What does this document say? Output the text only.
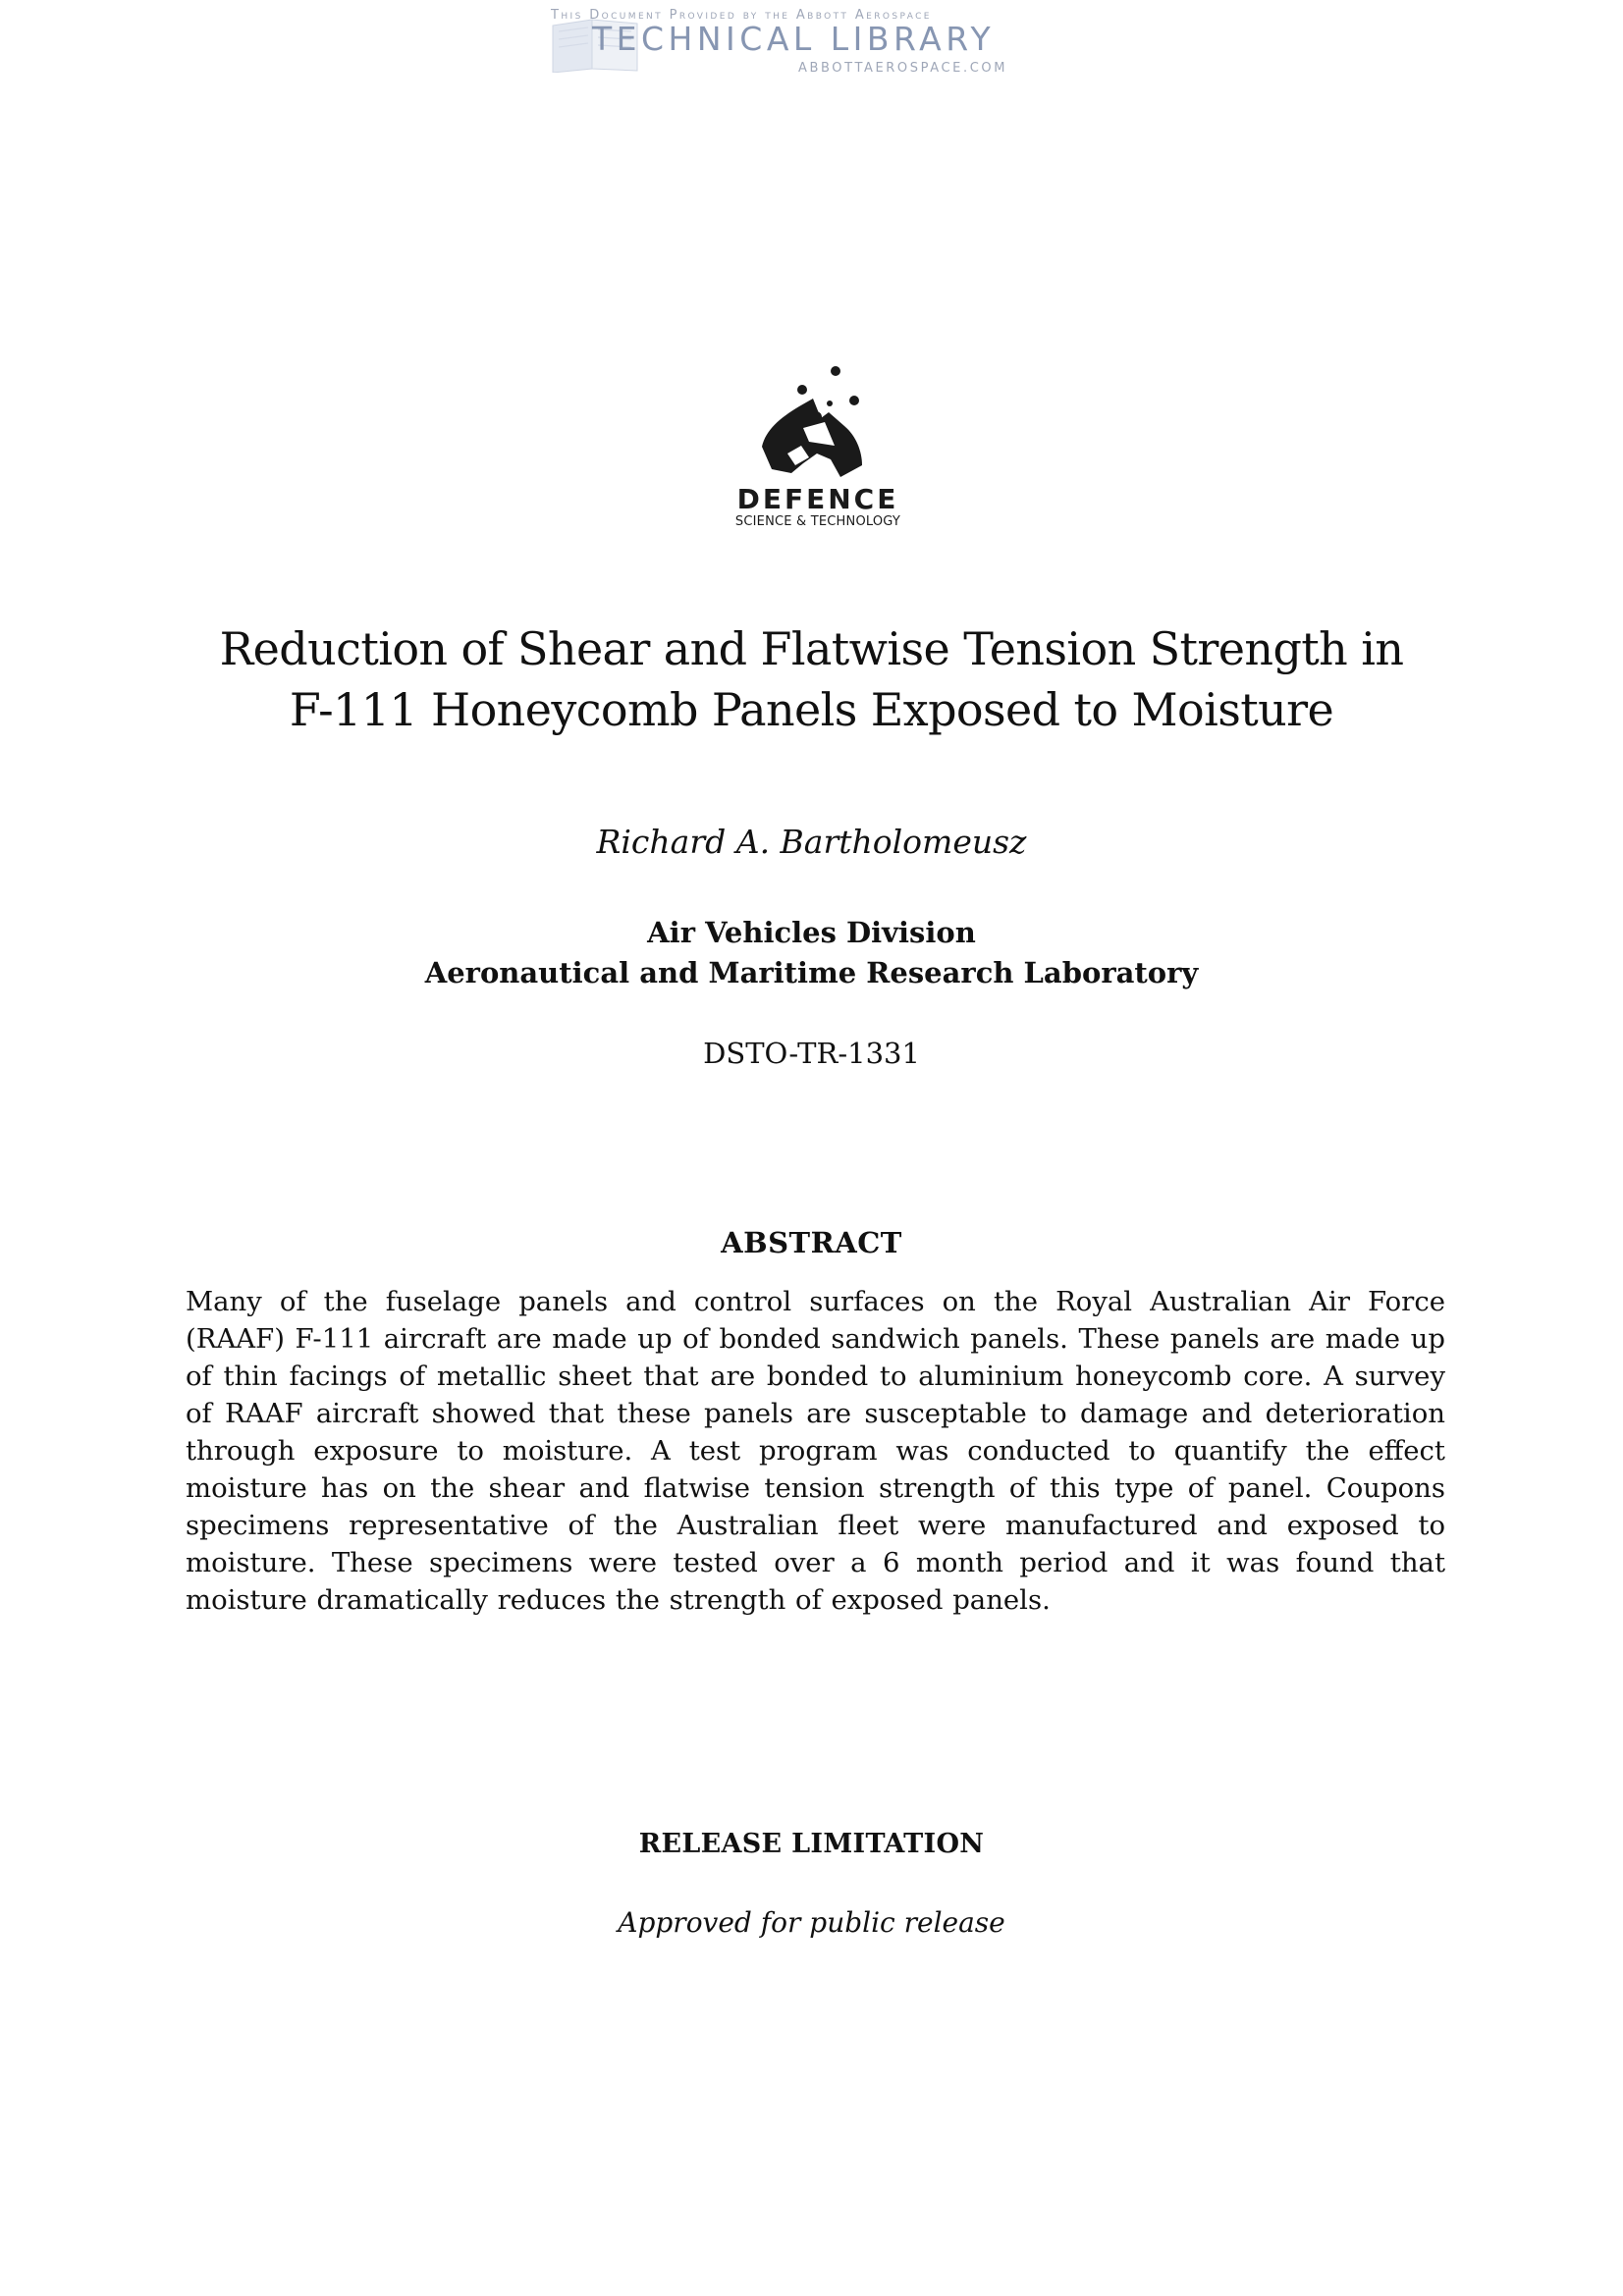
This Document Provided by the Abbott Aerospace
TECHNICAL LIBRARY
ABBOTTAEROSPACE.COM
DEFENCE
SCIENCE & TECHNOLOGY
Reduction of Shear and Flatwise Tension Strength in
F-111 Honeycomb Panels Exposed to Moisture
Richard A. Bartholomeusz
Air Vehicles Division
Aeronautical and Maritime Research Laboratory
DSTO-TR-1331
ABSTRACT

Many of the fuselage panels and control surfaces on the Royal Australian Air Force (RAAF) F-111 aircraft are made up of bonded sandwich panels. These panels are made up of thin facings of metallic sheet that are bonded to aluminium honeycomb core. A survey of RAAF aircraft showed that these panels are susceptable to damage and deterioration through exposure to moisture. A test program was conducted to quantify the effect moisture has on the shear and flatwise tension strength of this type of panel. Coupons specimens representative of the Australian fleet were manufactured and exposed to moisture. These specimens were tested over a 6 month period and it was found that moisture dramatically reduces the strength of exposed panels.

RELEASE LIMITATION
Approved for public release
